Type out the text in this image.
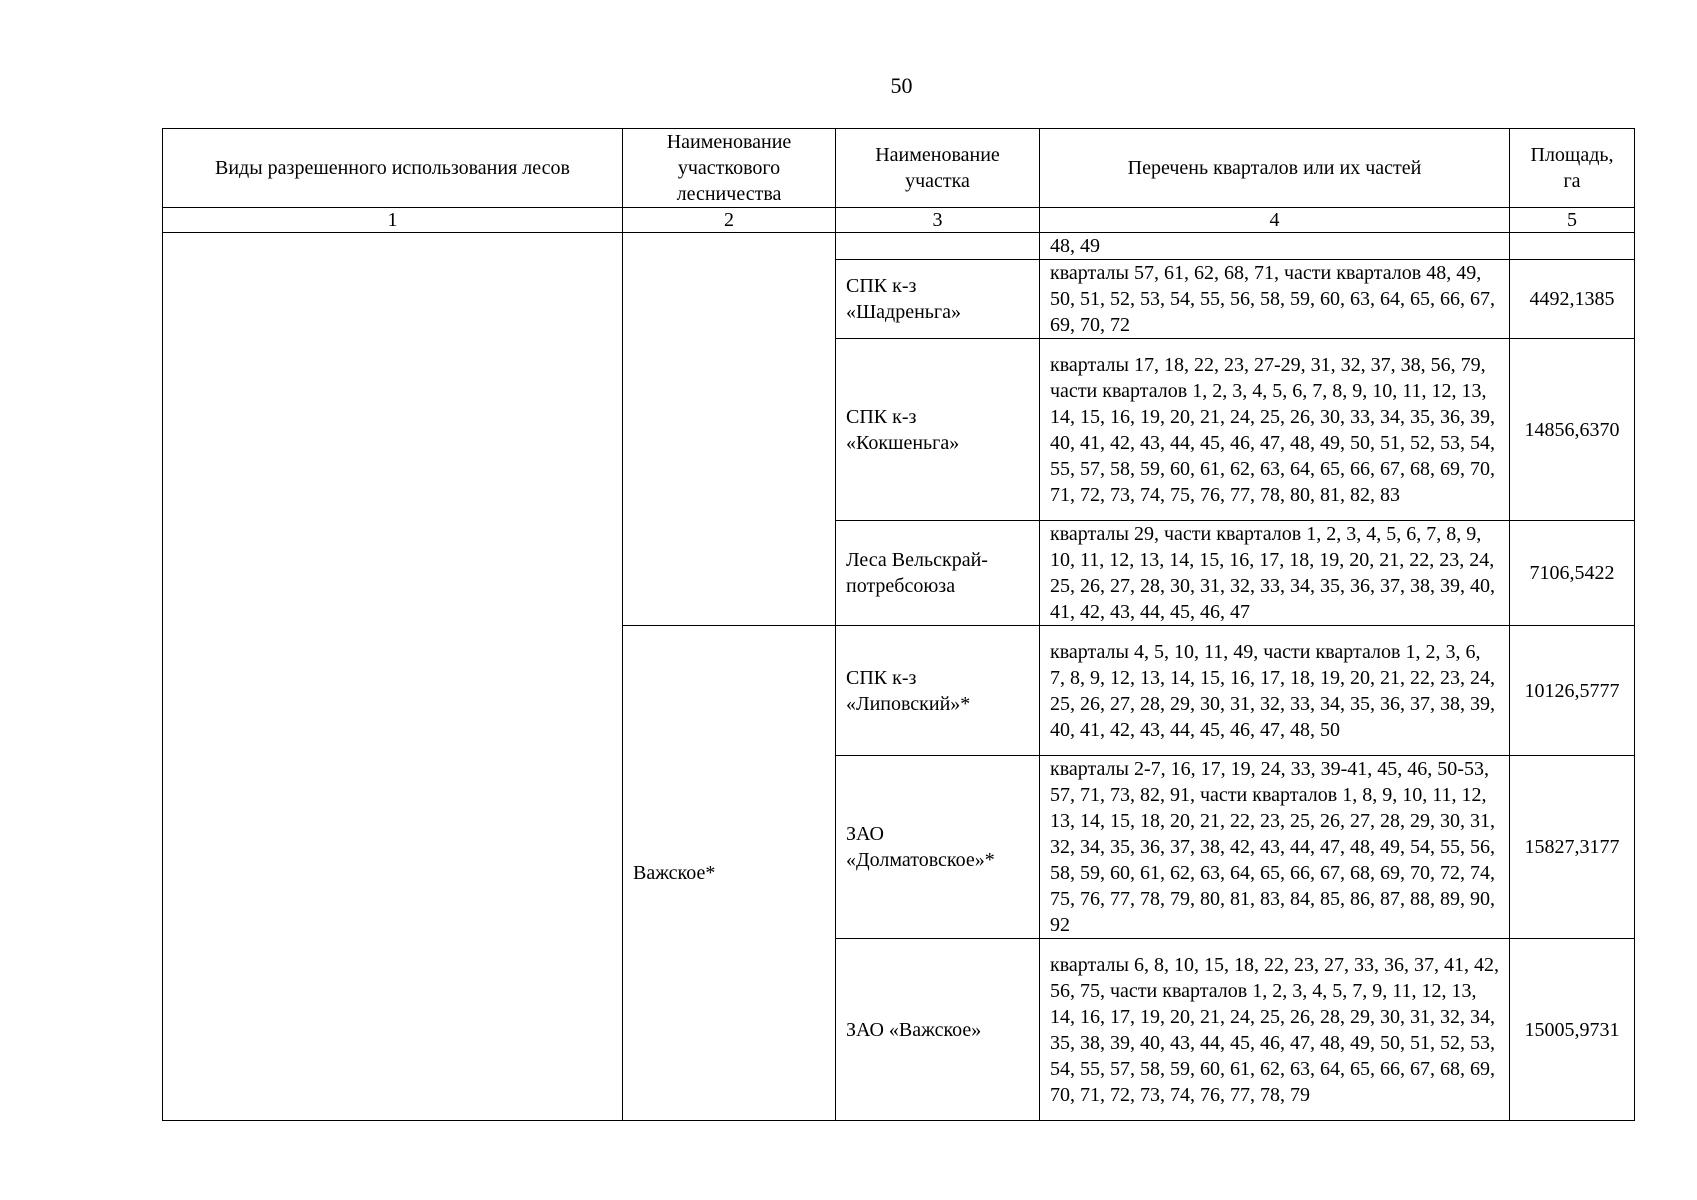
50
Виды разрешенного использования лесов	Наименование участкового лесничества	Наименование участка	Перечень кварталов или их частей	Площадь, га
1	2	3	4	5
			48, 49	
		СПК к-з «Шадреньга»	кварталы 57, 61, 62, 68, 71, части кварталов 48, 49, 50, 51, 52, 53, 54, 55, 56, 58, 59, 60, 63, 64, 65, 66, 67, 69, 70, 72	4492,1385
		СПК к-з «Кокшеньга»	кварталы 17, 18, 22, 23, 27-29, 31, 32, 37, 38, 56, 79, части кварталов 1, 2, 3, 4, 5, 6, 7, 8, 9, 10, 11, 12, 13, 14, 15, 16, 19, 20, 21, 24, 25, 26, 30, 33, 34, 35, 36, 39, 40, 41, 42, 43, 44, 45, 46, 47, 48, 49, 50, 51, 52, 53, 54, 55, 57, 58, 59, 60, 61, 62, 63, 64, 65, 66, 67, 68, 69, 70, 71, 72, 73, 74, 75, 76, 77, 78, 80, 81, 82, 83	14856,6370
		Леса Вельскрай-потребсоюза	кварталы 29, части кварталов 1, 2, 3, 4, 5, 6, 7, 8, 9, 10, 11, 12, 13, 14, 15, 16, 17, 18, 19, 20, 21, 22, 23, 24, 25, 26, 27, 28, 30, 31, 32, 33, 34, 35, 36, 37, 38, 39, 40, 41, 42, 43, 44, 45, 46, 47	7106,5422
	Важское*	СПК к-з «Липовский»*	кварталы 4, 5, 10, 11, 49, части кварталов 1, 2, 3, 6, 7, 8, 9, 12, 13, 14, 15, 16, 17, 18, 19, 20, 21, 22, 23, 24, 25, 26, 27, 28, 29, 30, 31, 32, 33, 34, 35, 36, 37, 38, 39, 40, 41, 42, 43, 44, 45, 46, 47, 48, 50	10126,5777
		ЗАО «Долматовское»*	кварталы 2-7, 16, 17, 19, 24, 33, 39-41, 45, 46, 50-53, 57, 71, 73, 82, 91, части кварталов 1, 8, 9, 10, 11, 12, 13, 14, 15, 18, 20, 21, 22, 23, 25, 26, 27, 28, 29, 30, 31, 32, 34, 35, 36, 37, 38, 42, 43, 44, 47, 48, 49, 54, 55, 56, 58, 59, 60, 61, 62, 63, 64, 65, 66, 67, 68, 69, 70, 72, 74, 75, 76, 77, 78, 79, 80, 81, 83, 84, 85, 86, 87, 88, 89, 90, 92	15827,3177
		ЗАО «Важское»	кварталы 6, 8, 10, 15, 18, 22, 23, 27, 33, 36, 37, 41, 42, 56, 75, части кварталов 1, 2, 3, 4, 5, 7, 9, 11, 12, 13, 14, 16, 17, 19, 20, 21, 24, 25, 26, 28, 29, 30, 31, 32, 34, 35, 38, 39, 40, 43, 44, 45, 46, 47, 48, 49, 50, 51, 52, 53, 54, 55, 57, 58, 59, 60, 61, 62, 63, 64, 65, 66, 67, 68, 69, 70, 71, 72, 73, 74, 76, 77, 78, 79	15005,9731
